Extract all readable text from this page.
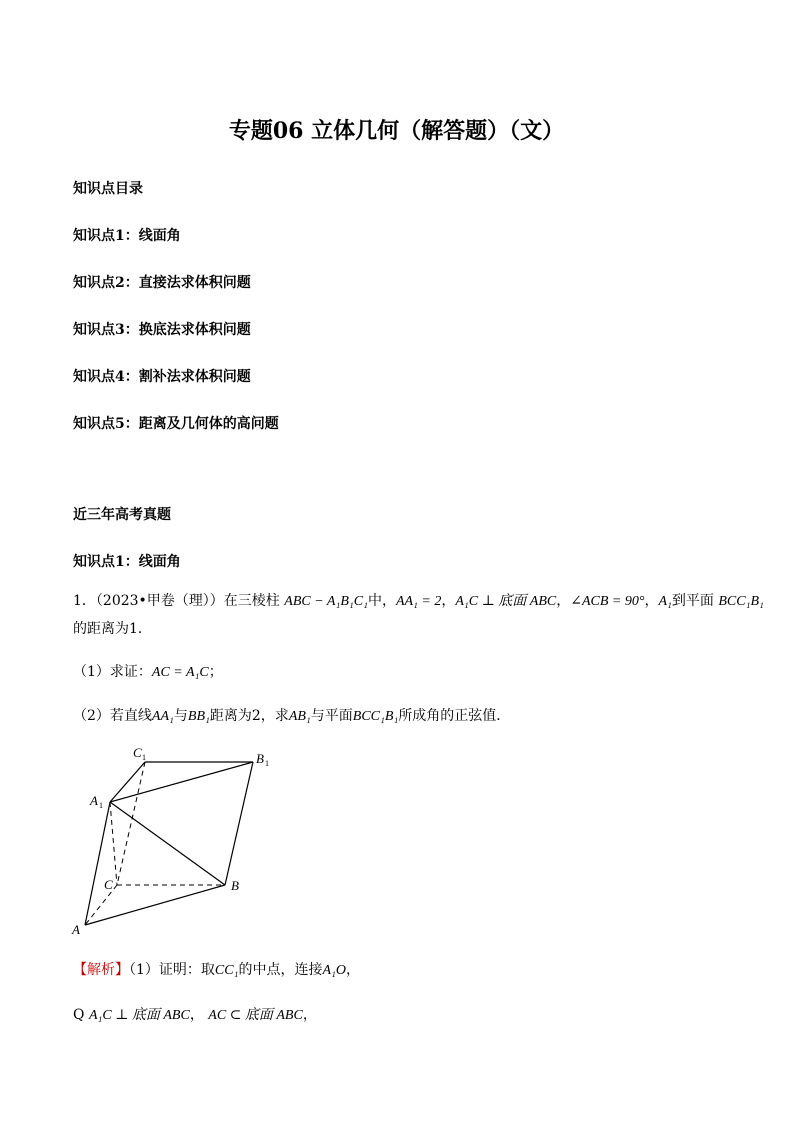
专题06 立体几何（解答题）（文）
知识点目录
知识点1：线面角
知识点2：直接法求体积问题
知识点3：换底法求体积问题
知识点4：割补法求体积问题
知识点5：距离及几何体的高问题
近三年高考真题
知识点1：线面角
1．（2023•甲卷（理））在三棱柱 ABC − A₁B₁C₁中，AA₁ = 2，A₁C ⊥ 底面 ABC，∠ACB = 90°，A₁到平面 BCC₁B₁
的距离为1．
（1）求证：AC = A₁C；
（2）若直线AA₁与BB₁距离为2，求AB₁与平面BCC₁B₁所成角的正弦值．
C 1	B 1
A 1
C	B
A
【解析】（1）证明：取CC₁的中点，连接A₁O，
Q A₁C ⊥ 底面 ABC， AC ⊂ 底面 ABC，
